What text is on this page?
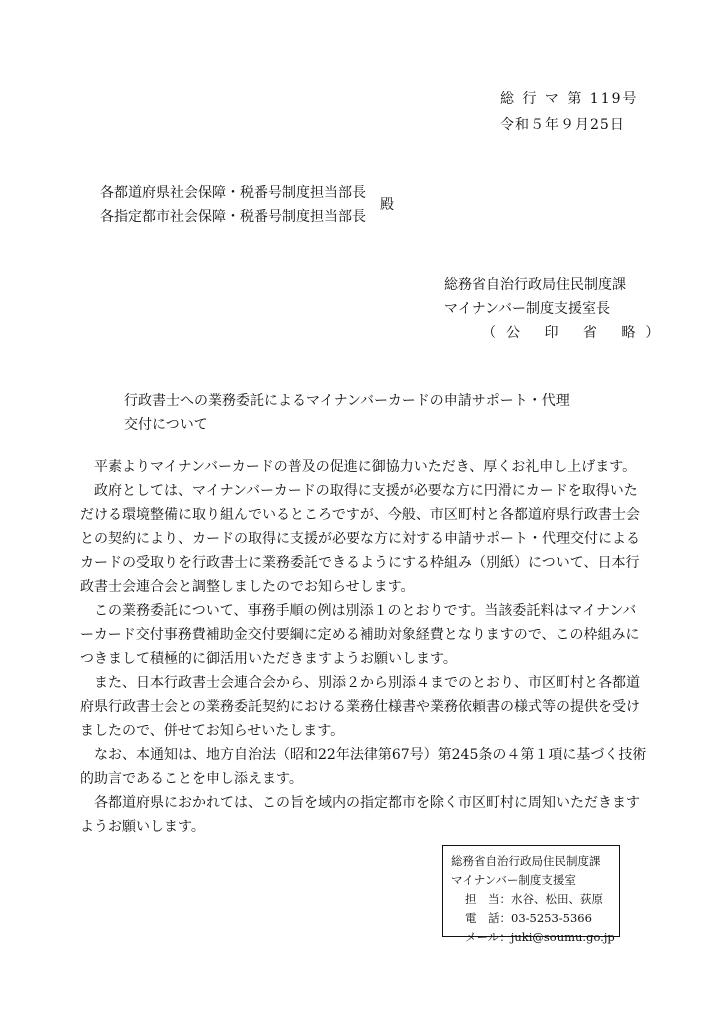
総 行 マ 第 119号
令和５年９月25日
各都道府県社会保障・税番号制度担当部長
各指定都市社会保障・税番号制度担当部長
殿
総務省自治行政局住民制度課
マイナンバー制度支援室長
（公 印 省 略）
行政書士への業務委託によるマイナンバーカードの申請サポート・代理
交付について

　平素よりマイナンバーカードの普及の促進に御協力いただき、厚くお礼申し上げます。

　政府としては、マイナンバーカードの取得に支援が必要な方に円滑にカードを取得いた

だける環境整備に取り組んでいるところですが、今般、市区町村と各都道府県行政書士会

との契約により、カードの取得に支援が必要な方に対する申請サポート・代理交付による

カードの受取りを行政書士に業務委託できるようにする枠組み（別紙）について、日本行

政書士会連合会と調整しましたのでお知らせします。

　この業務委託について、事務手順の例は別添１のとおりです。当該委託料はマイナンバ

ーカード交付事務費補助金交付要綱に定める補助対象経費となりますので、この枠組みに

つきまして積極的に御活用いただきますようお願いします。

　また、日本行政書士会連合会から、別添２から別添４までのとおり、市区町村と各都道

府県行政書士会との業務委託契約における業務仕様書や業務依頼書の様式等の提供を受け

ましたので、併せてお知らせいたします。

　なお、本通知は、地方自治法（昭和22年法律第67号）第245条の４第１項に基づく技術

的助言であることを申し添えます。

　各都道府県におかれては、この旨を域内の指定都市を除く市区町村に周知いただきます

ようお願いします。

総務省自治行政局住民制度課
マイナンバー制度支援室
担　当：水谷、松田、荻原
電　話：03-5253-5366
メール：juki@soumu.go.jp
